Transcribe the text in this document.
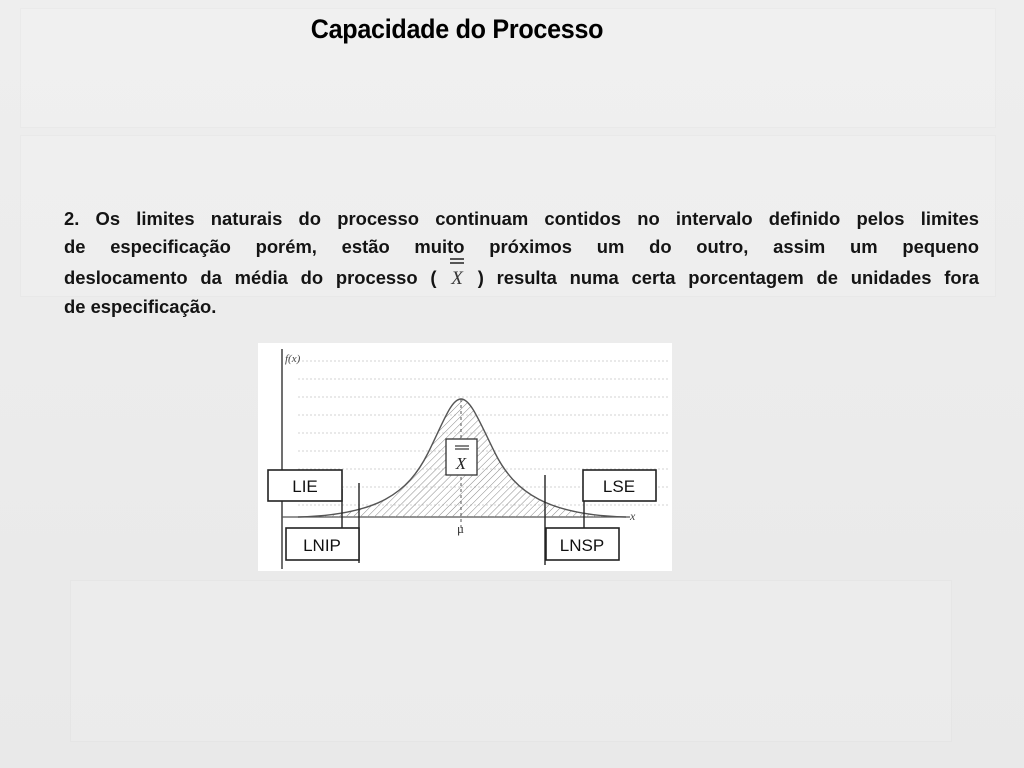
Capacidade do Processo
2. Os limites naturais do processo continuam contidos no intervalo definido pelos limites
de especificação porém, estão muito próximos um do outro, assim um pequeno
deslocamento da média do processo ( X ) resulta numa certa porcentagem de unidades fora
de especificação.
f(x)
x
μ
X
LIE	LSE
LNIP	LNSP
